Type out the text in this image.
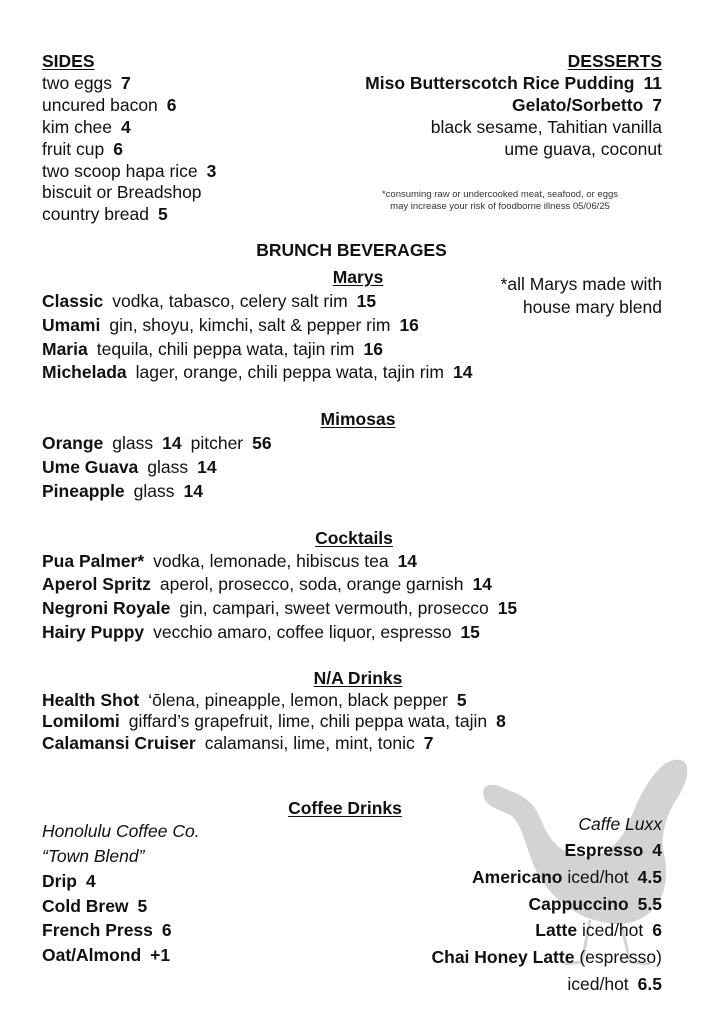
SIDES
two eggs 7
uncured bacon 6
kim chee 4
fruit cup 6
two scoop hapa rice 3
biscuit or Breadshop
country bread 5
DESSERTS
Miso Butterscotch Rice Pudding 11
Gelato/Sorbetto 7
black sesame, Tahitian vanilla
ume guava, coconut
*consuming raw or undercooked meat, seafood, or eggs
may increase your risk of foodborne illness 05/06/25
BRUNCH BEVERAGES
Marys	*all Marys made with
house mary blend
Classic vodka, tabasco, celery salt rim 15
Umami gin, shoyu, kimchi, salt & pepper rim 16
Maria tequila, chili peppa wata, tajin rim 16
Michelada lager, orange, chili peppa wata, tajin rim 14
Mimosas
Orange glass 14 pitcher 56
Ume Guava glass 14
Pineapple glass 14
Cocktails
Pua Palmer* vodka, lemonade, hibiscus tea 14
Aperol Spritz aperol, prosecco, soda, orange garnish 14
Negroni Royale gin, campari, sweet vermouth, prosecco 15
Hairy Puppy vecchio amaro, coffee liquor, espresso 15
N/A Drinks
Health Shot ‘ōlena, pineapple, lemon, black pepper 5
Lomilomi giffard’s grapefruit, lime, chili peppa wata, tajin 8
Calamansi Cruiser calamansi, lime, mint, tonic 7
Coffee Drinks
Honolulu Coffee Co.
“Town Blend”
Drip 4
Cold Brew 5
French Press 6
Oat/Almond +1
Caffe Luxx
Espresso 4
Americano iced/hot 4.5
Cappuccino 5.5
Latte iced/hot 6
Chai Honey Latte (espresso)
iced/hot 6.5
